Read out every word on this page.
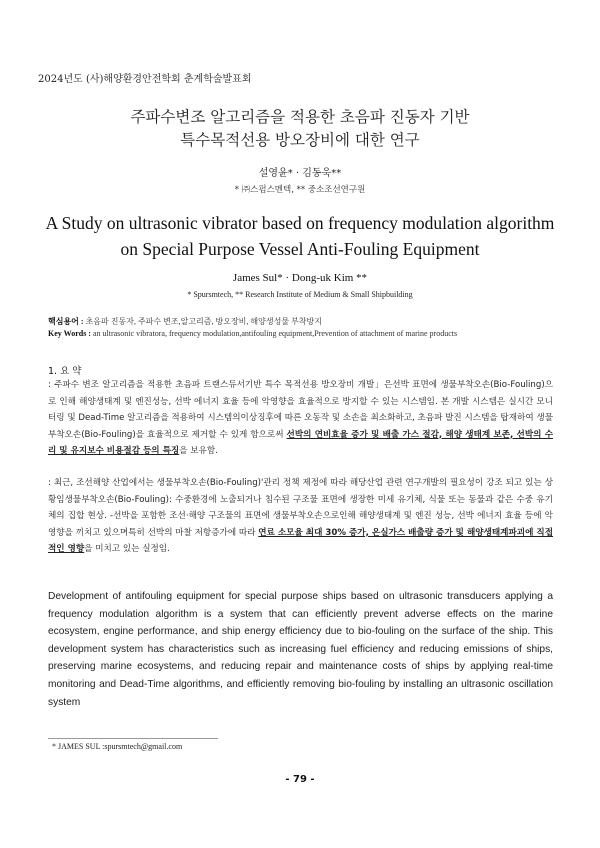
2024년도 (사)해양환경안전학회 춘계학술발표회
주파수변조 알고리즘을 적용한 초음파 진동자 기반
특수목적선용 방오장비에 대한 연구
설영윤* · 김동욱**
* ㈜스펌스멘텍, ** 중소조선연구원
A Study on ultrasonic vibrator based on frequency modulation algorithm
on Special Purpose Vessel Anti-Fouling Equipment
James Sul* · Dong-uk Kim **
* Spursmtech, ** Research Institute of Medium & Small Shipbuilding
핵심용어 : 초음파 진동자, 주파수 변조,알고리즘, 방오장비, 해양생성물 부착방지
Key Words : an ultrasonic vibratora, frequency modulation,antifouling equipment,Prevention of attachment of marine products
1. 요 약
: 주파수 변조 알고리즘을 적용한 초음파 트랜스듀서기반 특수 목적선용 방오장비 개발」은선박 표면에 생물부착오손(Bio-Fouling)으로 인해 해양생태계 및 엔진성능, 선박 에너지 효율 등에 악영향을 효율적으로 방지할 수 있는 시스템임. 본 개발 시스템은 실시간 모니터링 및 Dead-Time 알고리즘을 적용하여 시스템의이상징후에 따른 오동작 및 소손을 최소화하고, 초음파 발진 시스템을 탑재하여 생물부착오손(Bio-Fouling)을 효율적으로 제거할 수 있게 함으로써 선박의 연비효율 증가 및 배출 가스 절감, 해양 생태계 보존, 선박의 수리 및 유지보수 비용절감 등의 특징을 보유함.
: 최근, 조선해양 산업에서는 생물부착오손(Bio-Fouling)'관리 정책 제정에 따라 해당산업 관련 연구개발의 필요성이 강조 되고 있는 상황임생물부착오손(Bio-Fouling): 수중환경에 노출되거나 침수된 구조물 표면에 생장한 미세 유기체, 식물 또는 동물과 같은 수중 유기체의 집합 현상. -선박을 포함한 조선·해양 구조물의 표면에 생물부착오손으로인해 해양생태계 및 엔진 성능, 선박 에너지 효율 등에 악영향을 끼치고 있으며특히 선박의 마찰 저항증가에 따라 연료 소모율 최대 30% 증가, 온실가스 배출량 증가 및 해양생태계파괴에 직접적인 영향을 미치고 있는 실정임.
Development of antifouling equipment for special purpose ships based on ultrasonic transducers applying a frequency modulation algorithm is a system that can efficiently prevent adverse effects on the marine ecosystem, engine performance, and ship energy efficiency due to bio-fouling on the surface of the ship. This development system has characteristics such as increasing fuel efficiency and reducing emissions of ships, preserving marine ecosystems, and reducing repair and maintenance costs of ships by applying real-time monitoring and Dead-Time algorithms, and efficiently removing bio-fouling by installing an ultrasonic oscillation system
* JAMES SUL :spursmtech@gmail.com
- 79 -
